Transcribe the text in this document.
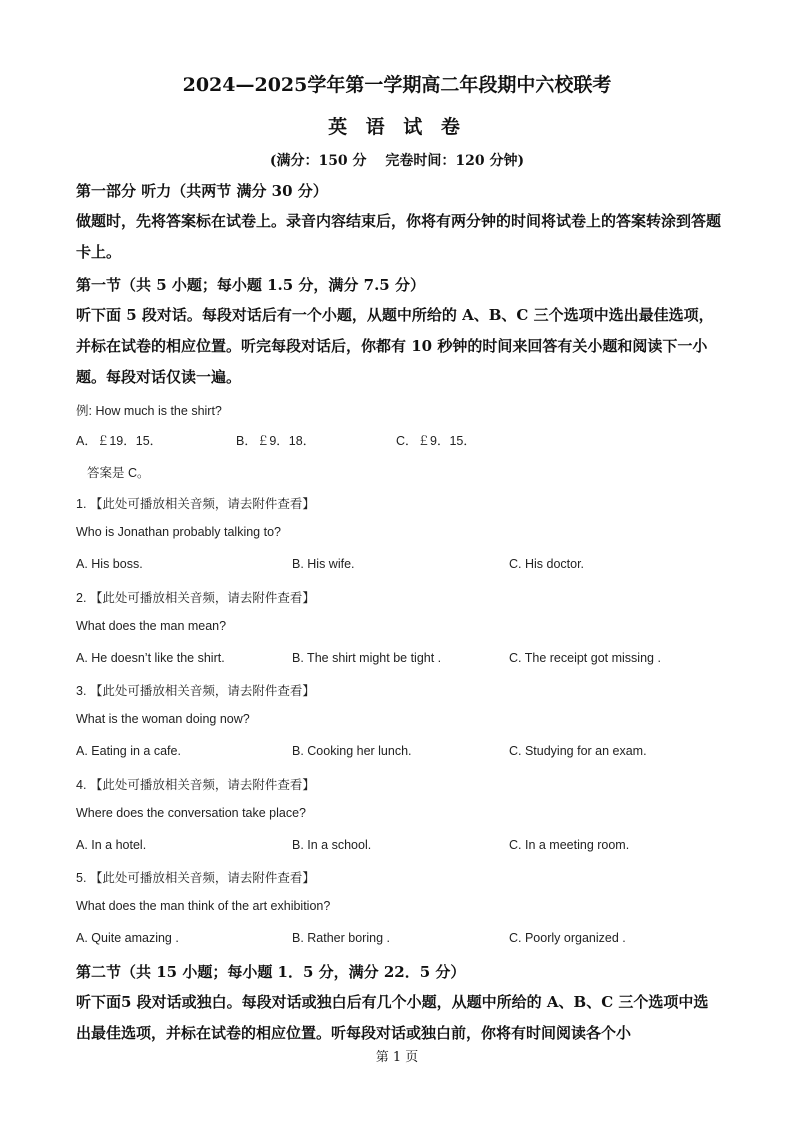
2024—2025学年第一学期高二年段期中六校联考
英 语 试 卷
(满分：150 分　 完卷时间：120 分钟)
第一部分 听力（共两节 满分 30 分）
做题时，先将答案标在试卷上。录音内容结束后，你将有两分钟的时间将试卷上的答案转涂到答题卡上。
第一节（共 5 小题；每小题 1.5 分，满分 7.5 分）
听下面 5 段对话。每段对话后有一个小题，从题中所给的 A、B、C 三个选项中选出最佳选项，并标在试卷的相应位置。听完每段对话后，你都有 10 秒钟的时间来回答有关小题和阅读下一小题。每段对话仅读一遍。
例: How much is the shirt?
A．￡19．15．	B．￡9．18．	C．￡9．15．
答案是 C。
1. 【此处可播放相关音频，请去附件查看】
Who is Jonathan probably talking to?
A. His boss.	B. His wife.	C. His doctor.
2. 【此处可播放相关音频，请去附件查看】
What does the man mean?
A. He doesn’t like the shirt.	B. The shirt might be tight .	C. The receipt got missing .
3. 【此处可播放相关音频，请去附件查看】
What is the woman doing now?
A. Eating in a cafe.	B. Cooking her lunch.	C. Studying for an exam.
4. 【此处可播放相关音频，请去附件查看】
Where does the conversation take place?
A. In a hotel.	B. In a school.	C. In a meeting room.
5. 【此处可播放相关音频，请去附件查看】
What does the man think of the art exhibition?
A. Quite amazing .	B. Rather boring .	C. Poorly organized .
第二节（共 15 小题；每小题 1．5 分，满分 22．5 分）
听下面5 段对话或独白。每段对话或独白后有几个小题，从题中所给的 A、B、C 三个选项中选出最佳选项，并标在试卷的相应位置。听每段对话或独白前，你将有时间阅读各个小
第 1 页
